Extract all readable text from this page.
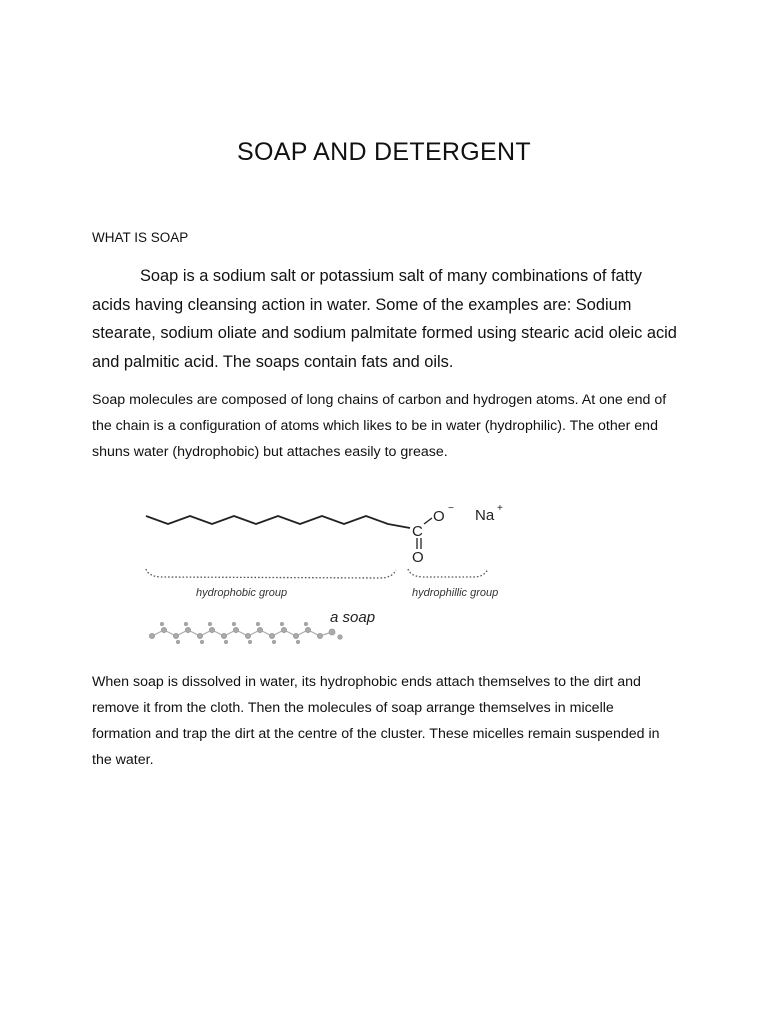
SOAP AND DETERGENT
WHAT IS SOAP

Soap is a sodium salt or potassium salt of many combinations of fatty acids having cleansing action in water. Some of the examples are: Sodium stearate, sodium oliate and sodium palmitate formed using stearic acid oleic acid and palmitic acid. The soaps contain fats and oils.

Soap molecules are composed of long chains of carbon and hydrogen atoms. At one end of the chain is a configuration of atoms which likes to be in water (hydrophilic). The other end shuns water (hydrophobic) but attaches easily to grease.

C
O −
O
Na +
hydrophobic group	hydrophillic group
a soap

When soap is dissolved in water, its hydrophobic ends attach themselves to the dirt and remove it from the cloth. Then the molecules of soap arrange themselves in micelle formation and trap the dirt at the centre of the cluster. These micelles remain suspended in the water.
